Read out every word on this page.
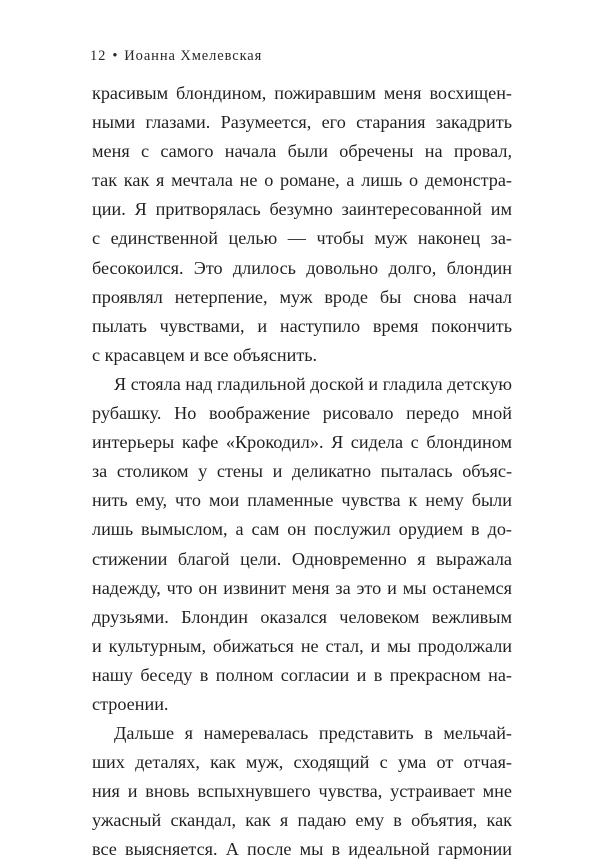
12 • Иоанна Хмелевская
красивым блондином, пожиравшим меня восхищен-
ными глазами. Разумеется, его старания закадрить
меня с самого начала были обречены на провал,
так как я мечтала не о романе, а лишь о демонстра-
ции. Я притворялась безумно заинтересованной им
с единственной целью — чтобы муж наконец за-
бесокоился. Это длилось довольно долго, блондин
проявлял нетерпение, муж вроде бы снова начал
пылать чувствами, и наступило время покончить
с красавцем и все объяснить.
Я стояла над гладильной доской и гладила детскую
рубашку. Но воображение рисовало передо мной
интерьеры кафе «Крокодил». Я сидела с блондином
за столиком у стены и деликатно пыталась объяс-
нить ему, что мои пламенные чувства к нему были
лишь вымыслом, а сам он послужил орудием в до-
стижении благой цели. Одновременно я выражала
надежду, что он извинит меня за это и мы останемся
друзьями. Блондин оказался человеком вежливым
и культурным, обижаться не стал, и мы продолжали
нашу беседу в полном согласии и в прекрасном на-
строении.
Дальше я намеревалась представить в мельчай-
ших деталях, как муж, сходящий с ума от отчая-
ния и вновь вспыхнувшего чувства, устраивает мне
ужасный скандал, как я падаю ему в объятия, как
все выясняется. А после мы в идеальной гармонии
